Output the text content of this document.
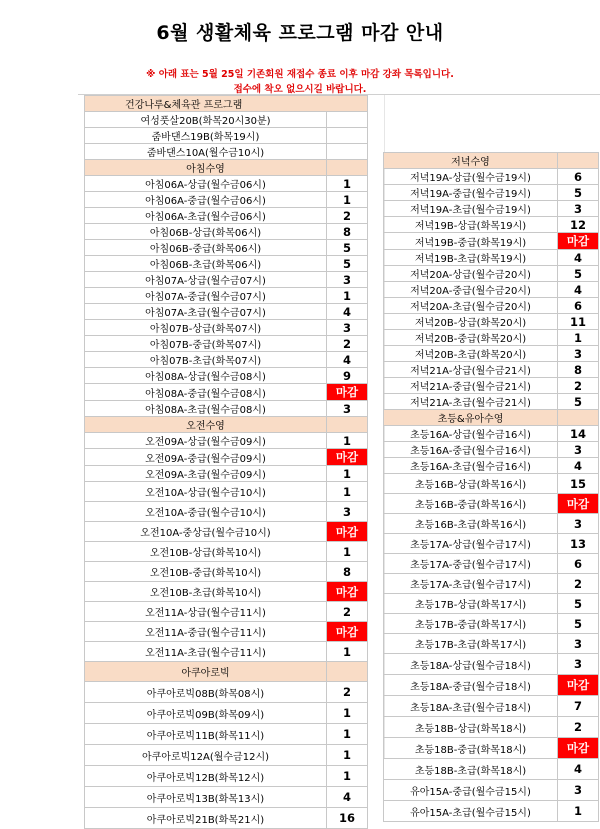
6월 생활체육 프로그램 마감 안내
※ 아래 표는 5월 25일 기존회원 재접수 종료 이후 마감 강좌 목록입니다.
접수에 착오 없으시길 바랍니다.
건강나루&체육관 프로그램	
여성풋살20B(화목20시30분)	
줌바댄스19B(화목19시)	
줌바댄스10A(월수금10시)	
아침수영	
아침06A-상급(월수금06시)	1
아침06A-중급(월수금06시)	1
아침06A-초급(월수금06시)	2
아침06B-상급(화목06시)	8
아침06B-중급(화목06시)	5
아침06B-초급(화목06시)	5
아침07A-상급(월수금07시)	3
아침07A-중급(월수금07시)	1
아침07A-초급(월수금07시)	4
아침07B-상급(화목07시)	3
아침07B-중급(화목07시)	2
아침07B-초급(화목07시)	4
아침08A-상급(월수금08시)	9
아침08A-중급(월수금08시)	마감
아침08A-초급(월수금08시)	3
오전수영	
오전09A-상급(월수금09시)	1
오전09A-중급(월수금09시)	마감
오전09A-초급(월수금09시)	1
오전10A-상급(월수금10시)	1
오전10A-중급(월수금10시)	3
오전10A-중상급(월수금10시)	마감
오전10B-상급(화목10시)	1
오전10B-중급(화목10시)	8
오전10B-초급(화목10시)	마감
오전11A-상급(월수금11시)	2
오전11A-중급(월수금11시)	마감
오전11A-초급(월수금11시)	1
아쿠아로빅	
아쿠아로빅08B(화목08시)	2
아쿠아로빅09B(화목09시)	1
아쿠아로빅11B(화목11시)	1
아쿠아로빅12A(월수금12시)	1
아쿠아로빅12B(화목12시)	1
아쿠아로빅13B(화목13시)	4
아쿠아로빅21B(화목21시)	16
저녁수영	
저녁19A-상급(월수금19시)	6
저녁19A-중급(월수금19시)	5
저녁19A-초급(월수금19시)	3
저녁19B-상급(화목19시)	12
저녁19B-중급(화목19시)	마감
저녁19B-초급(화목19시)	4
저녁20A-상급(월수금20시)	5
저녁20A-중급(월수금20시)	4
저녁20A-초급(월수금20시)	6
저녁20B-상급(화목20시)	11
저녁20B-중급(화목20시)	1
저녁20B-초급(화목20시)	3
저녁21A-상급(월수금21시)	8
저녁21A-중급(월수금21시)	2
저녁21A-초급(월수금21시)	5
초등&유아수영	
초등16A-상급(월수금16시)	14
초등16A-중급(월수금16시)	3
초등16A-초급(월수금16시)	4
초등16B-상급(화목16시)	15
초등16B-중급(화목16시)	마감
초등16B-초급(화목16시)	3
초등17A-상급(월수금17시)	13
초등17A-중급(월수금17시)	6
초등17A-초급(월수금17시)	2
초등17B-상급(화목17시)	5
초등17B-중급(화목17시)	5
초등17B-초급(화목17시)	3
초등18A-상급(월수금18시)	3
초등18A-중급(월수금18시)	마감
초등18A-초급(월수금18시)	7
초등18B-상급(화목18시)	2
초등18B-중급(화목18시)	마감
초등18B-초급(화목18시)	4
유아15A-중급(월수금15시)	3
유아15A-초급(월수금15시)	1
